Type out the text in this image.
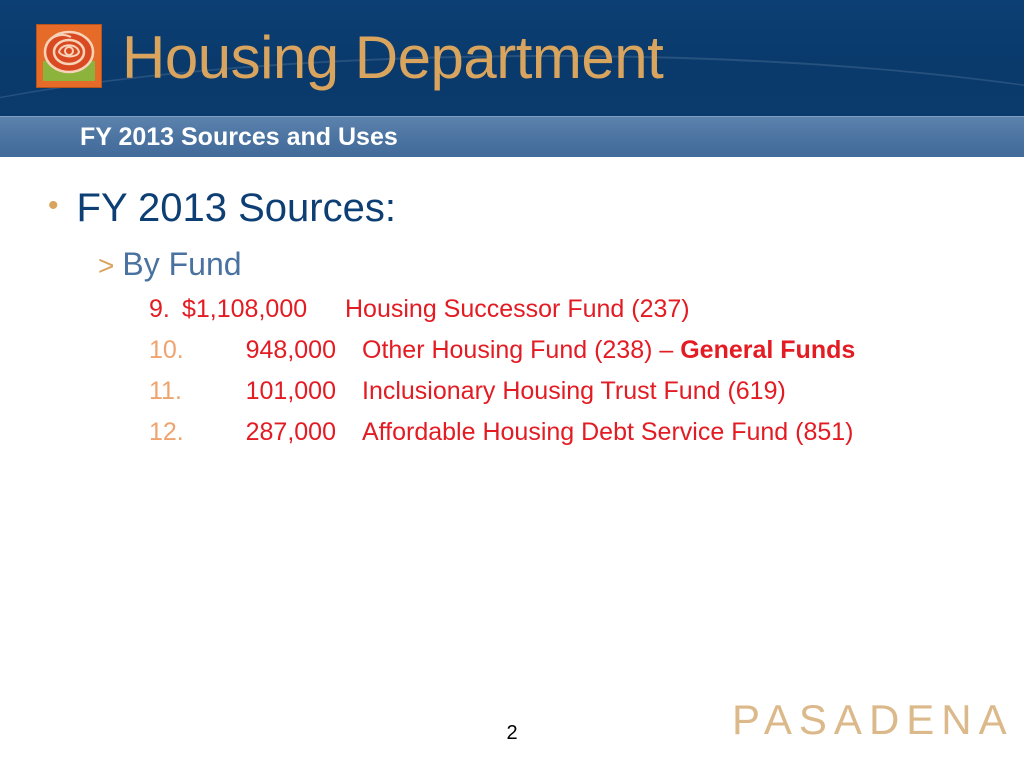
Housing Department
FY 2013 Sources and Uses
• FY 2013 Sources:
> By Fund
9. $1,108,000 Housing Successor Fund (237)
10. 948,000 Other Housing Fund (238) – General Funds
11.	101,000 Inclusionary Housing Trust Fund (619)
12. 287,000 Affordable Housing Debt Service Fund (851)
PASADENA
2
